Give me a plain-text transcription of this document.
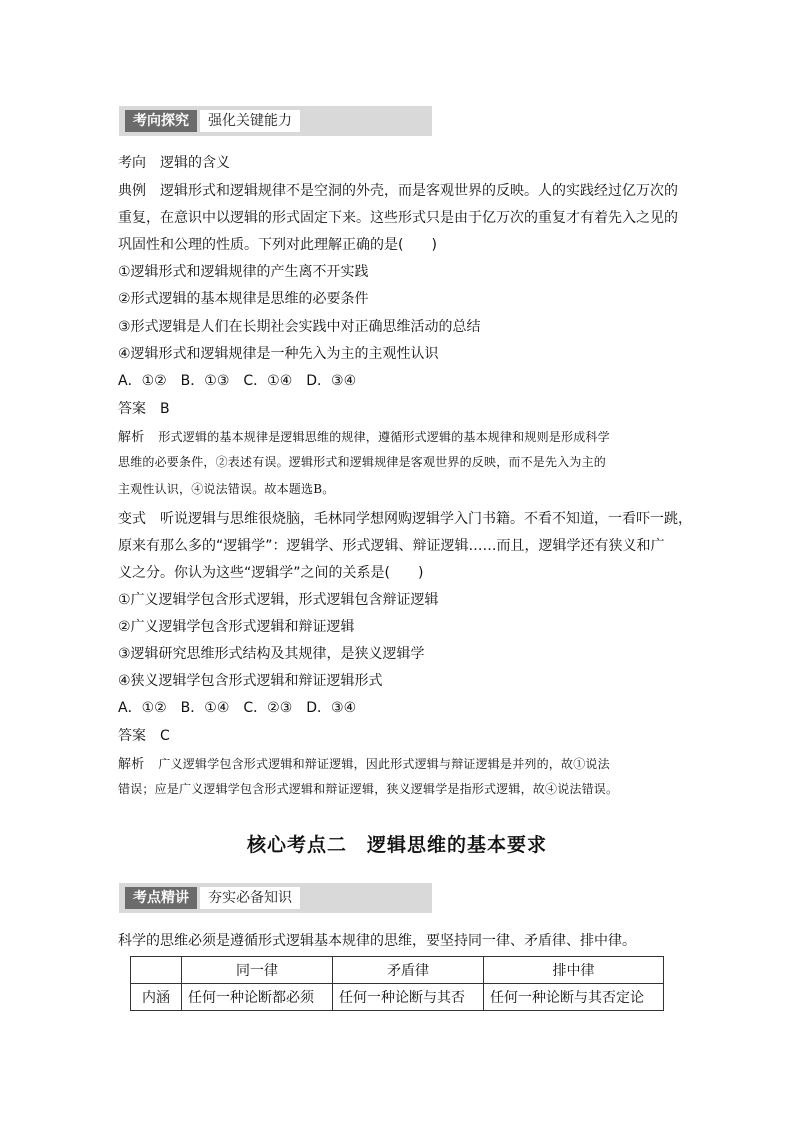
考向探究	强化关键能力
考向 逻辑的含义
典例 逻辑形式和逻辑规律不是空洞的外壳，而是客观世界的反映。人的实践经过亿万次的
重复，在意识中以逻辑的形式固定下来。这些形式只是由于亿万次的重复才有着先入之见的
巩固性和公理的性质。下列对此理解正确的是(　　)
①逻辑形式和逻辑规律的产生离不开实践
②形式逻辑的基本规律是思维的必要条件
③形式逻辑是人们在长期社会实践中对正确思维活动的总结
④逻辑形式和逻辑规律是一种先入为主的主观性认识
A．①②　B．①③　C．①④　D．③④
答案 B
解析 形式逻辑的基本规律是逻辑思维的规律，遵循形式逻辑的基本规律和规则是形成科学
思维的必要条件，②表述有误。逻辑形式和逻辑规律是客观世界的反映，而不是先入为主的
主观性认识，④说法错误。故本题选B。
变式 听说逻辑与思维很烧脑，毛林同学想网购逻辑学入门书籍。不看不知道，一看吓一跳，
原来有那么多的“逻辑学”：逻辑学、形式逻辑、辩证逻辑……而且，逻辑学还有狭义和广
义之分。你认为这些“逻辑学”之间的关系是(　　)
①广义逻辑学包含形式逻辑，形式逻辑包含辩证逻辑
②广义逻辑学包含形式逻辑和辩证逻辑
③逻辑研究思维形式结构及其规律，是狭义逻辑学
④狭义逻辑学包含形式逻辑和辩证逻辑形式
A．①②　B．①④　C．②③　D．③④
答案 C
解析 广义逻辑学包含形式逻辑和辩证逻辑，因此形式逻辑与辩证逻辑是并列的，故①说法
错误；应是广义逻辑学包含形式逻辑和辩证逻辑，狭义逻辑学是指形式逻辑，故④说法错误。
核心考点二　逻辑思维的基本要求
考点精讲	夯实必备知识
科学的思维必须是遵循形式逻辑基本规律的思维，要坚持同一律、矛盾律、排中律。
	同一律	矛盾律	排中律
内涵	任何一种论断都必须	任何一种论断与其否	任何一种论断与其否定论
